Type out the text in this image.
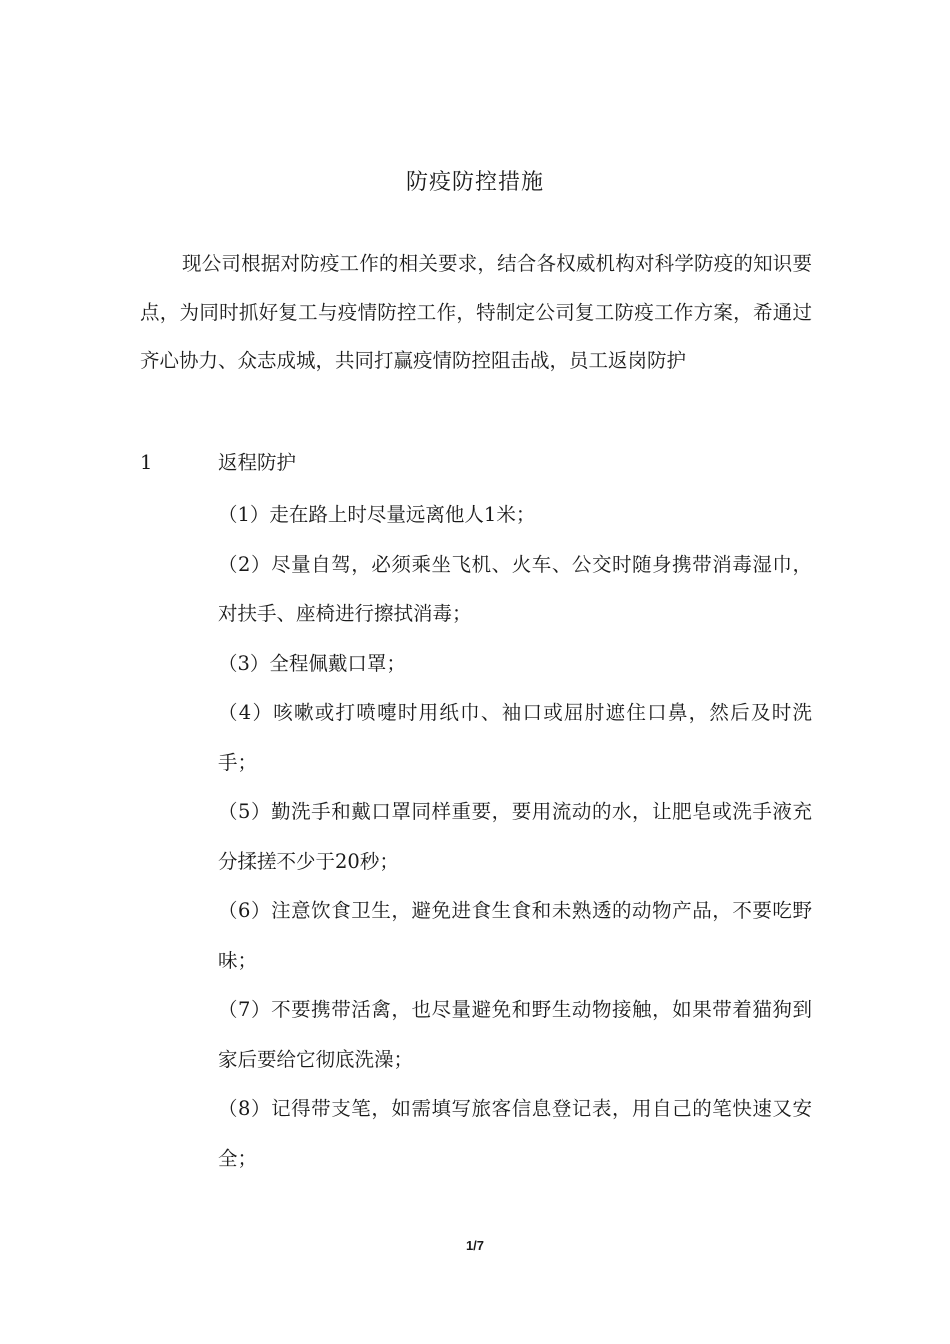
防疫防控措施

现公司根据对防疫工作的相关要求，结合各权威机构对科学防疫的知识要点，为同时抓好复工与疫情防控工作，特制定公司复工防疫工作方案，希通过齐心协力、众志成城，共同打赢疫情防控阻击战，员工返岗防护

1	返程防护
（1）走在路上时尽量远离他人1米；
（2）尽量自驾，必须乘坐飞机、火车、公交时随身携带消毒湿巾，对扶手、座椅进行擦拭消毒；
（3）全程佩戴口罩；
（4）咳嗽或打喷嚏时用纸巾、袖口或屈肘遮住口鼻，然后及时洗手；
（5）勤洗手和戴口罩同样重要，要用流动的水，让肥皂或洗手液充分揉搓不少于20秒；
（6）注意饮食卫生，避免进食生食和未熟透的动物产品，不要吃野味；
（7）不要携带活禽，也尽量避免和野生动物接触，如果带着猫狗到家后要给它彻底洗澡；
（8）记得带支笔，如需填写旅客信息登记表，用自己的笔快速又安全；
1/7
